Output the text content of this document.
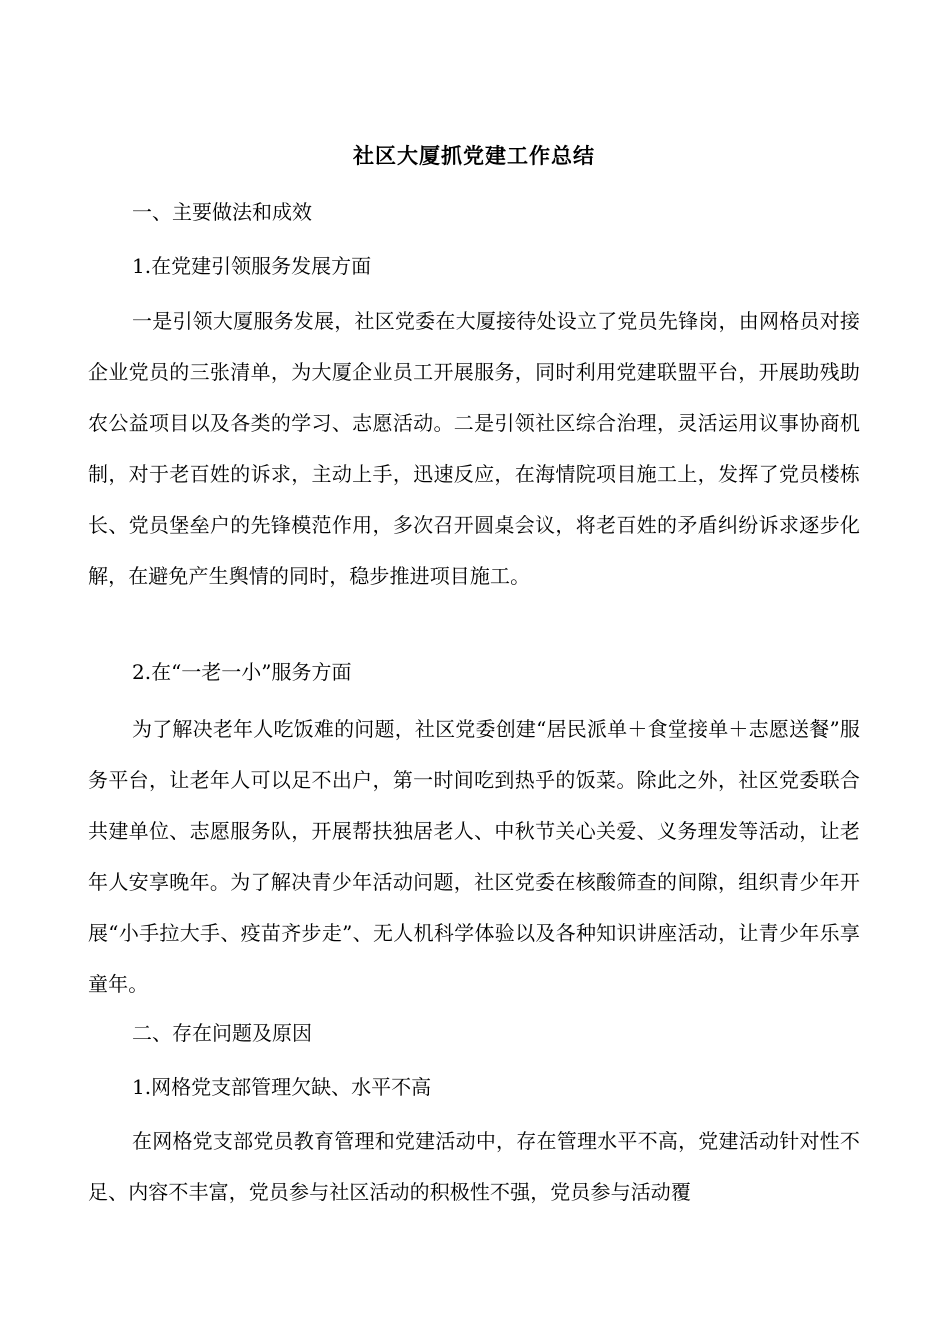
社区大厦抓党建工作总结
一、主要做法和成效
1.在党建引领服务发展方面
一是引领大厦服务发展，社区党委在大厦接待处设立了党员先锋岗，由网格员对接企业党员的三张清单，为大厦企业员工开展服务，同时利用党建联盟平台，开展助残助农公益项目以及各类的学习、志愿活动。二是引领社区综合治理，灵活运用议事协商机制，对于老百姓的诉求，主动上手，迅速反应，在海情院项目施工上，发挥了党员楼栋长、党员堡垒户的先锋模范作用，多次召开圆桌会议，将老百姓的矛盾纠纷诉求逐步化解，在避免产生舆情的同时，稳步推进项目施工。
2.在“一老一小”服务方面
为了解决老年人吃饭难的问题，社区党委创建“居民派单＋食堂接单＋志愿送餐”服务平台，让老年人可以足不出户，第一时间吃到热乎的饭菜。除此之外，社区党委联合共建单位、志愿服务队，开展帮扶独居老人、中秋节关心关爱、义务理发等活动，让老年人安享晚年。为了解决青少年活动问题，社区党委在核酸筛查的间隙，组织青少年开展“小手拉大手、疫苗齐步走”、无人机科学体验以及各种知识讲座活动，让青少年乐享童年。
二、存在问题及原因
1.网格党支部管理欠缺、水平不高
在网格党支部党员教育管理和党建活动中，存在管理水平不高，党建活动针对性不足、内容不丰富，党员参与社区活动的积极性不强，党员参与活动覆
